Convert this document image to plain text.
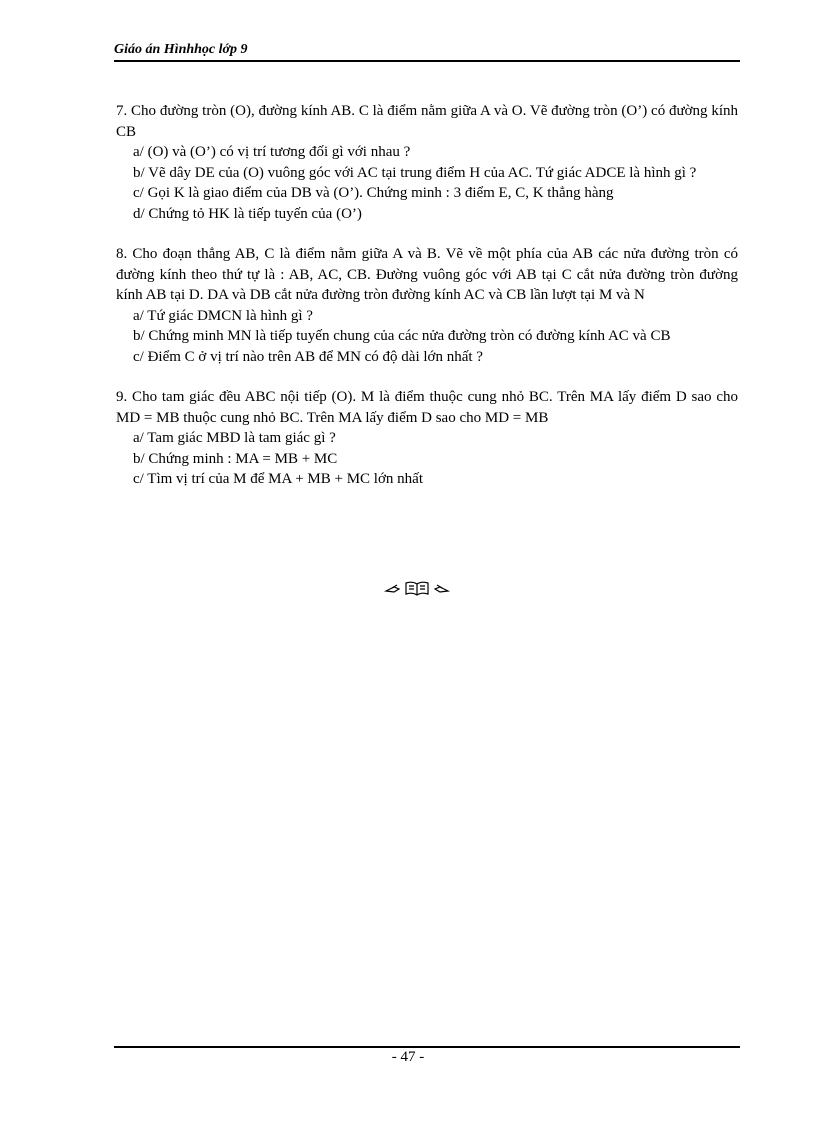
Giáo án Hìnhhọc lớp 9

7. Cho đường tròn (O), đường kính AB. C là điểm nằm giữa A và O. Vẽ đường tròn (O’) có đường kính CB

a/ (O) và (O’) có vị trí tương đối gì với nhau ?

b/ Vẽ dây DE của (O) vuông góc với AC tại trung điểm H của AC. Tứ giác ADCE là hình gì ?

c/ Gọi K là giao điểm của DB và (O’). Chứng minh : 3 điểm E, C, K thẳng hàng

d/ Chứng tỏ HK là tiếp tuyến của (O’)

8. Cho đoạn thẳng AB, C là điểm nằm giữa A và B. Vẽ về một phía của AB các nửa đường tròn có đường kính theo thứ tự là : AB, AC, CB. Đường vuông góc với AB tại C cắt nửa đường tròn đường kính AB tại D. DA và DB cắt nửa đường tròn đường kính AC và CB lần lượt tại M và N

a/ Tứ giác DMCN là hình gì ?

b/ Chứng minh MN là tiếp tuyến chung của các nửa đường tròn có đường kính AC và CB

c/ Điểm C ở vị trí nào trên AB để MN có độ dài lớn nhất ?

9. Cho tam giác đều ABC nội tiếp (O). M là điểm thuộc cung nhỏ BC. Trên MA lấy điểm D sao cho MD = MB thuộc cung nhỏ BC. Trên MA lấy điểm D sao cho MD = MB

a/ Tam giác MBD là tam giác gì ?

b/ Chứng minh : MA = MB + MC

c/ Tìm vị trí của M để MA + MB + MC lớn nhất

- 47 -
